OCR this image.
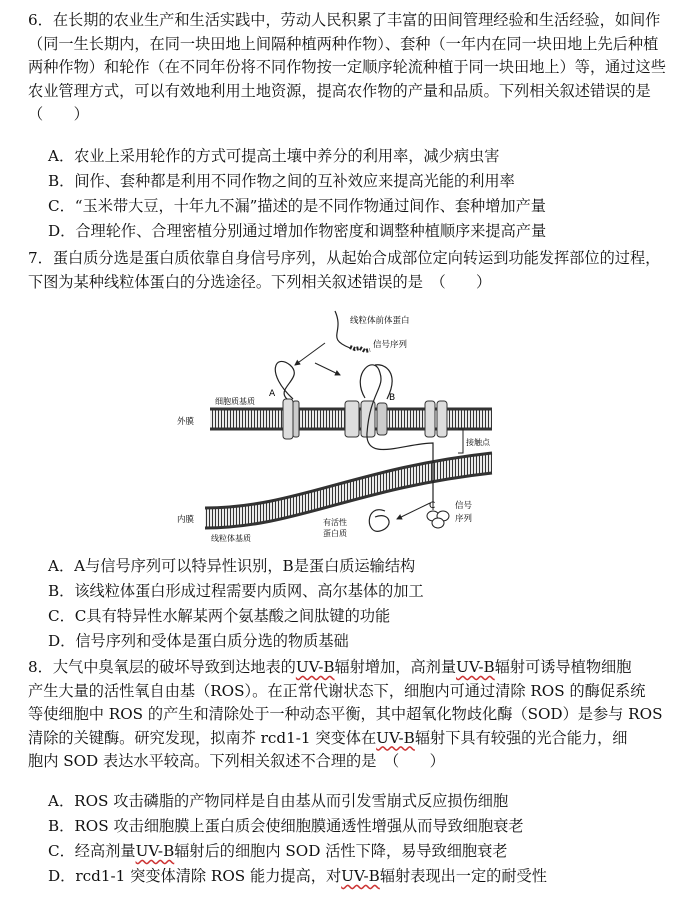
6．在长期的农业生产和生活实践中，劳动人民积累了丰富的田间管理经验和生活经验，如间作（同一生长期内，在同一块田地上间隔种植两种作物）、套种（一年内在同一块田地上先后种植两种作物）和轮作（在不同年份将不同作物按一定顺序轮流种植于同一块田地上）等，通过这些农业管理方式，可以有效地利用土地资源，提高农作物的产量和品质。下列相关叙述错误的是　（　　）
A．农业上采用轮作的方式可提高土壤中养分的利用率，减少病虫害
B．间作、套种都是利用不同作物之间的互补效应来提高光能的利用率
C．“玉米带大豆，十年九不漏”描述的是不同作物通过间作、套种增加产量
D．合理轮作、合理密植分别通过增加作物密度和调整种植顺序来提高产量
7．蛋白质分选是蛋白质依靠自身信号序列，从起始合成部位定向转运到功能发挥部位的过程，下图为某种线粒体蛋白的分选途径。下列相关叙述错误的是　（　　）
线粒体前体蛋白
信号序列
A	B
细胞质基质
外膜
接触点
内膜
线粒体基质
有活性
蛋白质
C 信号
序列
A．A与信号序列可以特异性识别，B是蛋白质运输结构
B．该线粒体蛋白形成过程需要内质网、高尔基体的加工
C．C具有特异性水解某两个氨基酸之间肽键的功能
D．信号序列和受体是蛋白质分选的物质基础
8．大气中臭氧层的破坏导致到达地表的UV-B辐射增加，高剂量UV-B辐射可诱导植物细胞
产生大量的活性氧自由基（ROS）。在正常代谢状态下，细胞内可通过清除 ROS 的酶促系统
等使细胞中 ROS 的产生和清除处于一种动态平衡，其中超氧化物歧化酶（SOD）是参与 ROS
清除的关键酶。研究发现，拟南芥 rcd1-1 突变体在UV-B辐射下具有较强的光合能力，细
胞内 SOD 表达水平较高。下列相关叙述不合理的是　（　　）
A．ROS 攻击磷脂的产物同样是自由基从而引发雪崩式反应损伤细胞
B．ROS 攻击细胞膜上蛋白质会使细胞膜通透性增强从而导致细胞衰老
C．经高剂量UV-B辐射后的细胞内 SOD 活性下降，易导致细胞衰老
D．rcd1-1 突变体清除 ROS 能力提高，对UV-B辐射表现出一定的耐受性
